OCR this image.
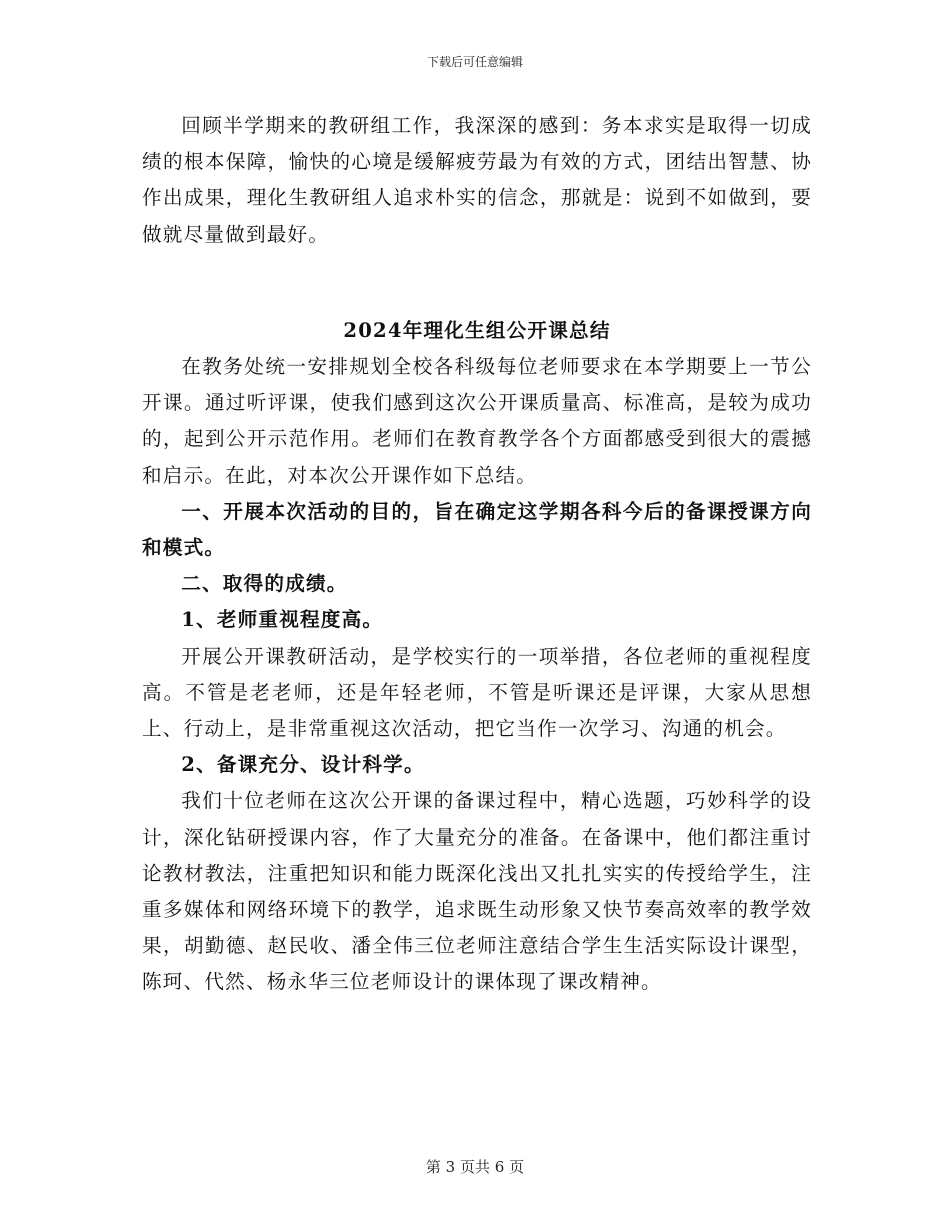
下载后可任意编辑

回顾半学期来的教研组工作，我深深的感到：务本求实是取得一切成绩的根本保障，愉快的心境是缓解疲劳最为有效的方式，团结出智慧、协作出成果，理化生教研组人追求朴实的信念，那就是：说到不如做到，要做就尽量做到最好。

2024年理化生组公开课总结

在教务处统一安排规划全校各科级每位老师要求在本学期要上一节公开课。通过听评课，使我们感到这次公开课质量高、标准高，是较为成功的，起到公开示范作用。老师们在教育教学各个方面都感受到很大的震撼和启示。在此，对本次公开课作如下总结。

一、开展本次活动的目的，旨在确定这学期各科今后的备课授课方向和模式。

二、取得的成绩。

1、老师重视程度高。

开展公开课教研活动，是学校实行的一项举措，各位老师的重视程度高。不管是老老师，还是年轻老师，不管是听课还是评课，大家从思想上、行动上，是非常重视这次活动，把它当作一次学习、沟通的机会。

2、备课充分、设计科学。

我们十位老师在这次公开课的备课过程中，精心选题，巧妙科学的设计，深化钻研授课内容，作了大量充分的准备。在备课中，他们都注重讨论教材教法，注重把知识和能力既深化浅出又扎扎实实的传授给学生，注重多媒体和网络环境下的教学，追求既生动形象又快节奏高效率的教学效果，胡勤德、赵民收、潘全伟三位老师注意结合学生生活实际设计课型，陈珂、代然、杨永华三位老师设计的课体现了课改精神。

第 3 页共 6 页
